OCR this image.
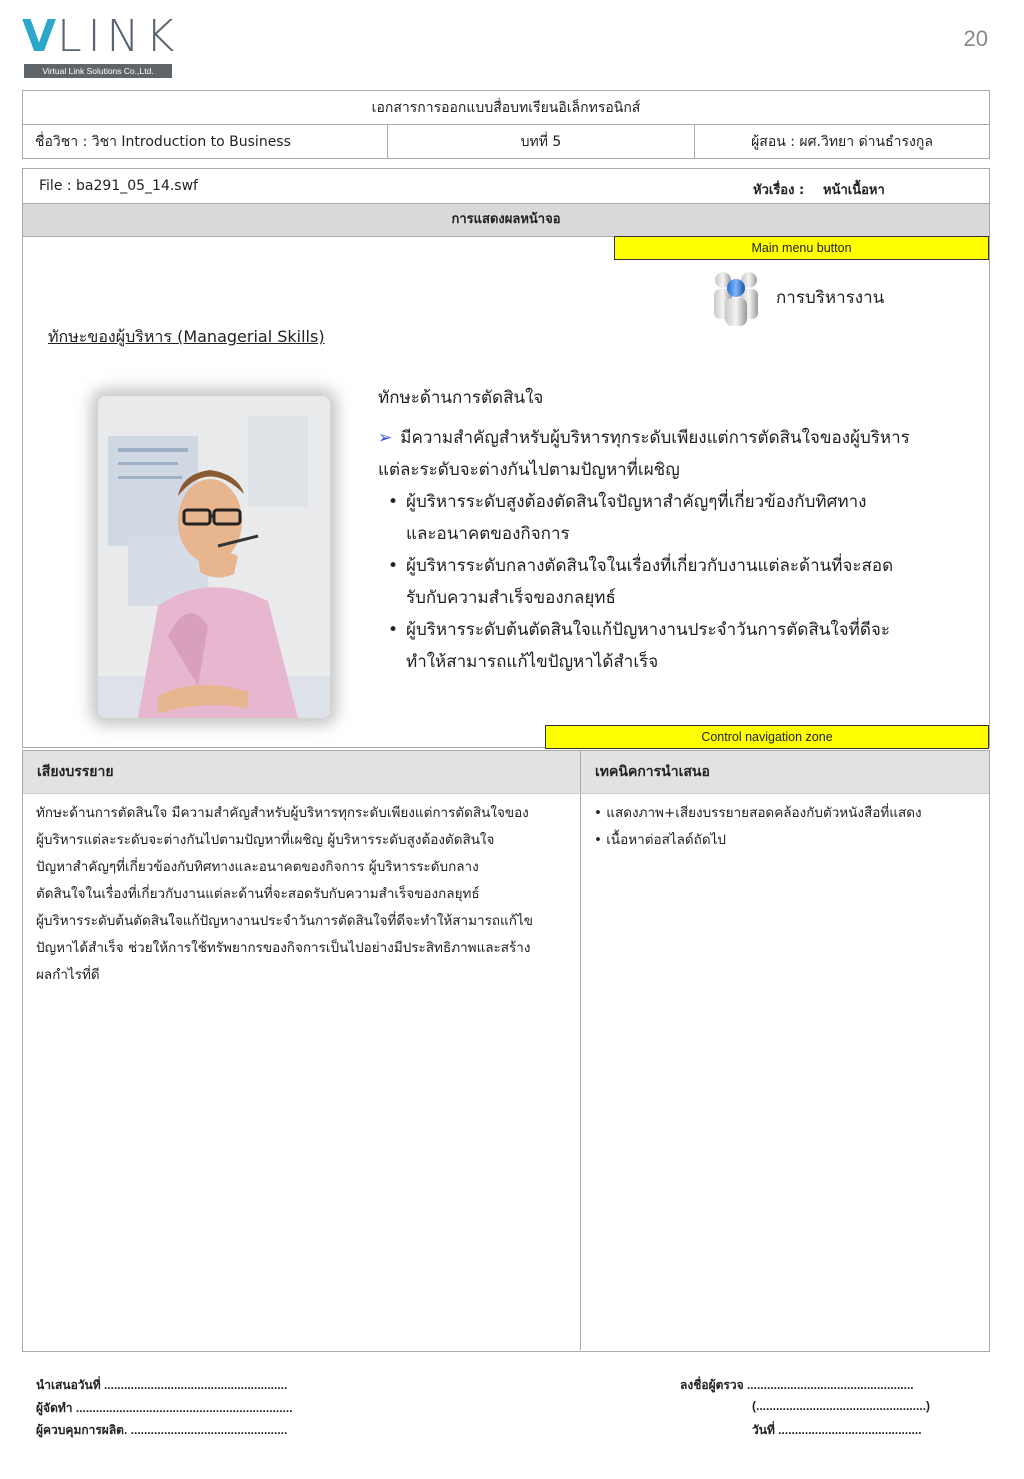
VLINK
Virtual Link Solutions Co.,Ltd.
20
เอกสารการออกแบบสื่อบทเรียนอิเล็กทรอนิกส์
ชื่อวิชา : วิชา Introduction to Business	บทที่ 5	ผู้สอน : ผศ.วิทยา ด่านธำรงกูล
File : ba291_05_14.swf	หัวเรื่อง : หน้าเนื้อหา
การแสดงผลหน้าจอ
Main menu button
การบริหารงาน
ทักษะของผู้บริหาร (Managerial Skills)
ทักษะด้านการตัดสินใจ
➢ มีความสำคัญสำหรับผู้บริหารทุกระดับเพียงแต่การตัดสินใจของผู้บริหาร
แต่ละระดับจะต่างกันไปตามปัญหาที่เผชิญ
• ผู้บริหารระดับสูงต้องตัดสินใจปัญหาสำคัญๆที่เกี่ยวข้องกับทิศทาง
และอนาคตของกิจการ
• ผู้บริหารระดับกลางตัดสินใจในเรื่องที่เกี่ยวกับงานแต่ละด้านที่จะสอด
รับกับความสำเร็จของกลยุทธ์
• ผู้บริหารระดับต้นตัดสินใจแก้ปัญหางานประจำวันการตัดสินใจที่ดีจะ
ทำให้สามารถแก้ไขปัญหาได้สำเร็จ
Control navigation zone
เสียงบรรยาย	เทคนิคการนำเสนอ
ทักษะด้านการตัดสินใจ มีความสำคัญสำหรับผู้บริหารทุกระดับเพียงแต่การตัดสินใจของ
ผู้บริหารแต่ละระดับจะต่างกันไปตามปัญหาที่เผชิญ ผู้บริหารระดับสูงต้องตัดสินใจ
ปัญหาสำคัญๆที่เกี่ยวข้องกับทิศทางและอนาคตของกิจการ ผู้บริหารระดับกลาง
ตัดสินใจในเรื่องที่เกี่ยวกับงานแต่ละด้านที่จะสอดรับกับความสำเร็จของกลยุทธ์
ผู้บริหารระดับต้นตัดสินใจแก้ปัญหางานประจำวันการตัดสินใจที่ดีจะทำให้สามารถแก้ไข
ปัญหาได้สำเร็จ ช่วยให้การใช้ทรัพยากรของกิจการเป็นไปอย่างมีประสิทธิภาพและสร้าง
ผลกำไรที่ดี
• แสดงภาพ+เสียงบรรยายสอดคล้องกับตัวหนังสือที่แสดง
• เนื้อหาต่อสไลด์ถัดไป
นำเสนอวันที่ .......................................................
ผู้จัดทำ .................................................................
ผู้ควบคุมการผลิต. ...............................................
ลงชื่อผู้ตรวจ ..................................................
(...................................................)
วันที่ ...........................................
